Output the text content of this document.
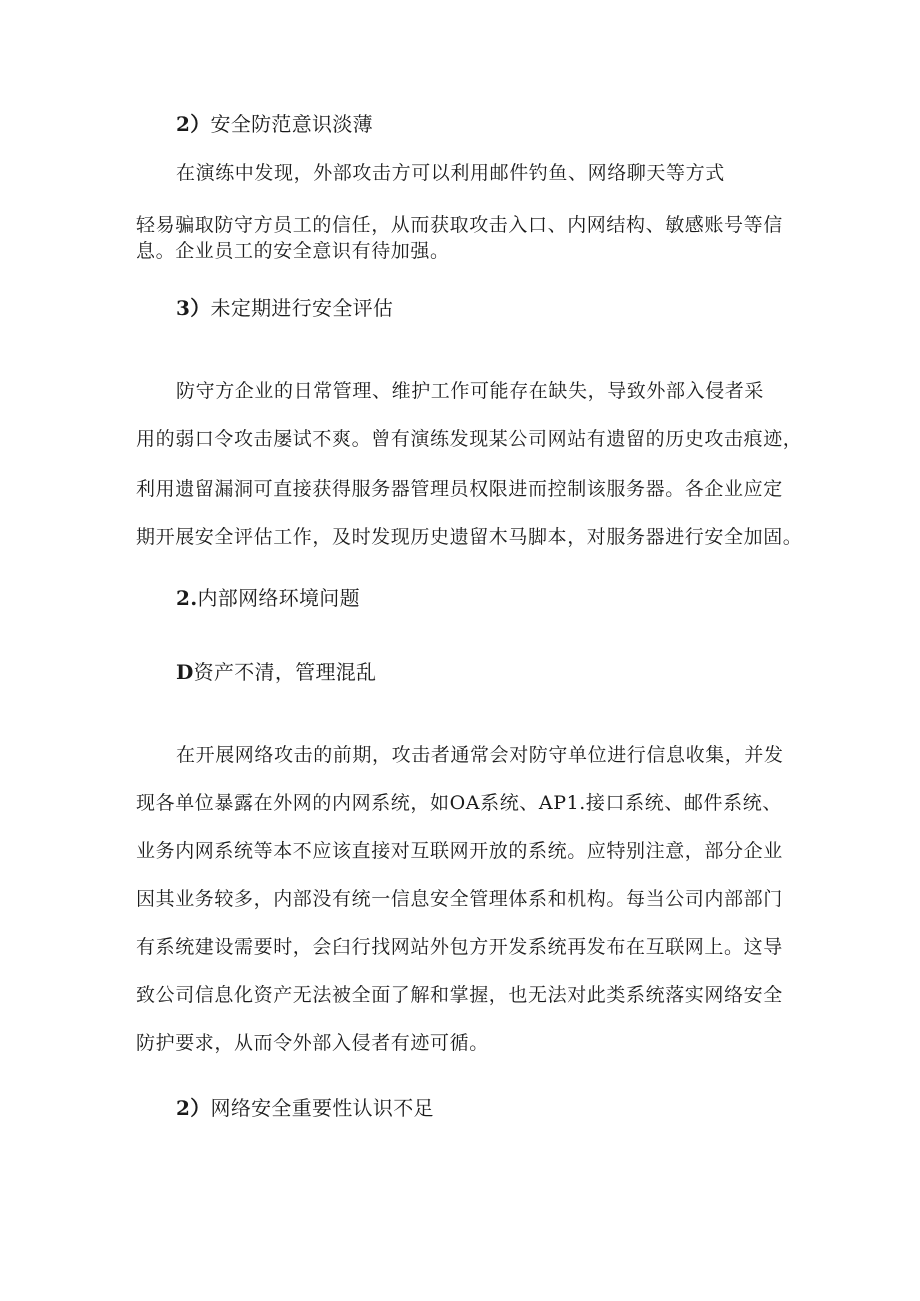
2）安全防范意识淡薄

在演练中发现，外部攻击方可以利用邮件钓鱼、网络聊天等方式

轻易骗取防守方员工的信任，从而获取攻击入口、内网结构、敏感账号等信

息。企业员工的安全意识有待加强。

3）未定期进行安全评估

防守方企业的日常管理、维护工作可能存在缺失，导致外部入侵者采

用的弱口令攻击屡试不爽。曾有演练发现某公司网站有遗留的历史攻击痕迹，

利用遗留漏洞可直接获得服务器管理员权限进而控制该服务器。各企业应定

期开展安全评估工作，及时发现历史遗留木马脚本，对服务器进行安全加固。

2.内部网络环境问题
D资产不清，管理混乱

在开展网络攻击的前期，攻击者通常会对防守单位进行信息收集，并发

现各单位暴露在外网的内网系统，如OA系统、AP1.接口系统、邮件系统、

业务内网系统等本不应该直接对互联网开放的系统。应特别注意，部分企业

因其业务较多，内部没有统一信息安全管理体系和机构。每当公司内部部门

有系统建设需要时，会臼行找网站外包方开发系统再发布在互联网上。这导

致公司信息化资产无法被全面了解和掌握，也无法对此类系统落实网络安全

防护要求，从而令外部入侵者有迹可循。

2）网络安全重要性认识不足
